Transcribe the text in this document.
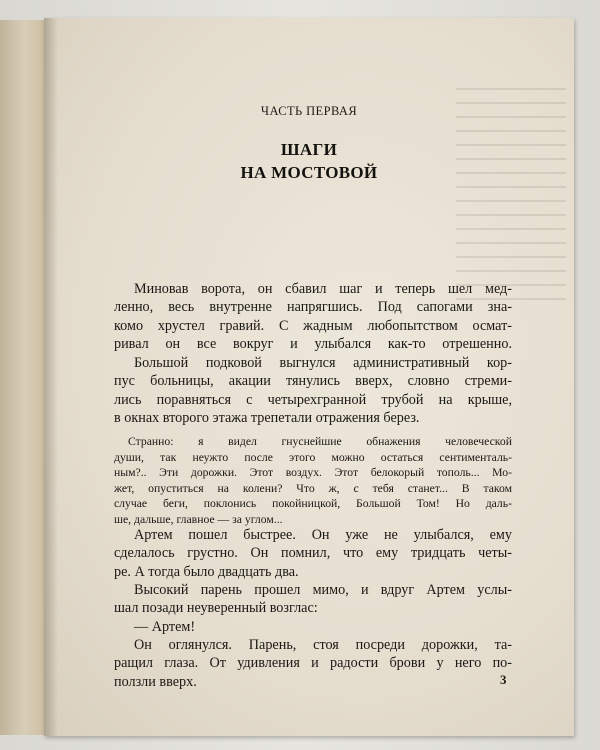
ЧАСТЬ ПЕРВАЯ
ШАГИ
НА МОСТОВОЙ
Миновав ворота, он сбавил шаг и теперь шел мед-
ленно, весь внутренне напрягшись. Под сапогами зна-
комо хрустел гравий. С жадным любопытством осмат-
ривал он все вокруг и улыбался как-то отрешенно.
Большой подковой выгнулся административный кор-
пус больницы, акации тянулись вверх, словно стреми-
лись поравняться с четырехгранной трубой на крыше,
в окнах второго этажа трепетали отражения берез.
Странно: я видел гнуснейшие обнажения человеческой
души, так неужто после этого можно остаться сентименталь-
ным?.. Эти дорожки. Этот воздух. Этот белокорый тополь... Мо-
жет, опуститься на колени? Что ж, с тебя станет... В таком
случае беги, поклонись покойницкой, Большой Том! Но даль-
ше, дальше, главное — за углом...
Артем пошел быстрее. Он уже не улыбался, ему
сделалось грустно. Он помнил, что ему тридцать четы-
ре. А тогда было двадцать два.
Высокий парень прошел мимо, и вдруг Артем услы-
шал позади неуверенный возглас:
— Артем!
Он оглянулся. Парень, стоя посреди дорожки, та-
ращил глаза. От удивления и радости брови у него по-
ползли вверх.	3
